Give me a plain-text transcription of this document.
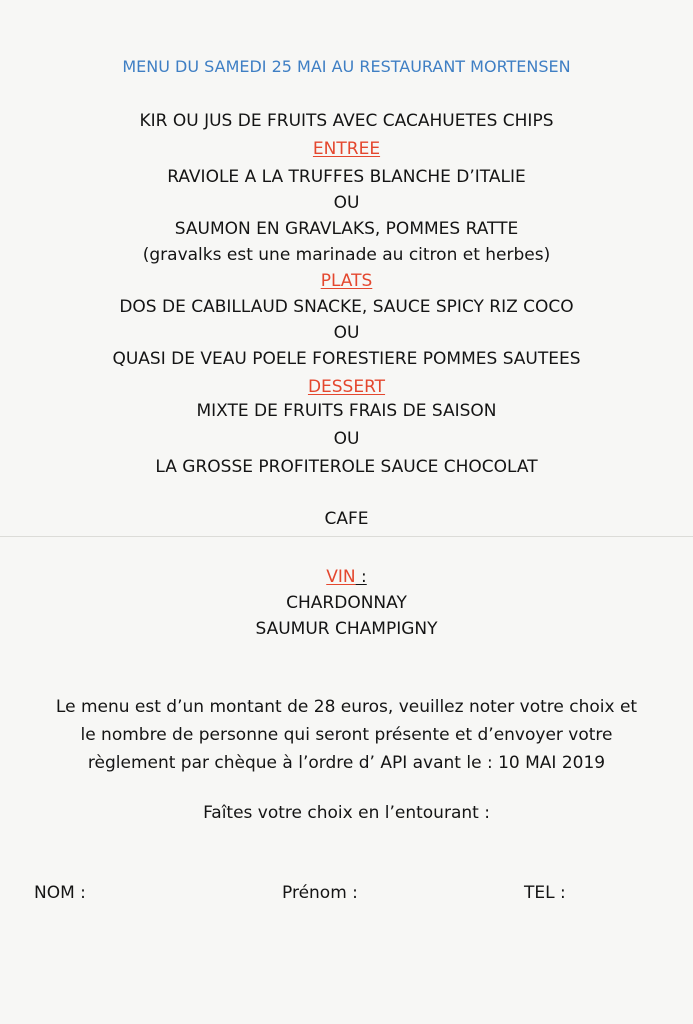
MENU DU SAMEDI 25 MAI AU RESTAURANT MORTENSEN
KIR OU JUS DE FRUITS AVEC CACAHUETES CHIPS
ENTREE
RAVIOLE A LA TRUFFES BLANCHE D’ITALIE
OU
SAUMON EN GRAVLAKS, POMMES RATTE
(gravalks est une marinade au citron et herbes)
PLATS
DOS DE CABILLAUD SNACKE, SAUCE SPICY RIZ COCO
OU
QUASI DE VEAU POELE FORESTIERE POMMES SAUTEES
DESSERT
MIXTE DE FRUITS FRAIS DE SAISON
OU
LA GROSSE PROFITEROLE SAUCE CHOCOLAT
CAFE
VIN :
CHARDONNAY
SAUMUR CHAMPIGNY
Le menu est d’un montant de 28 euros, veuillez noter votre choix et
le nombre de personne qui seront présente et d’envoyer votre
règlement par chèque à l’ordre d’ API avant le : 10 MAI 2019
Faîtes votre choix en l’entourant :
NOM :	Prénom :	TEL :
